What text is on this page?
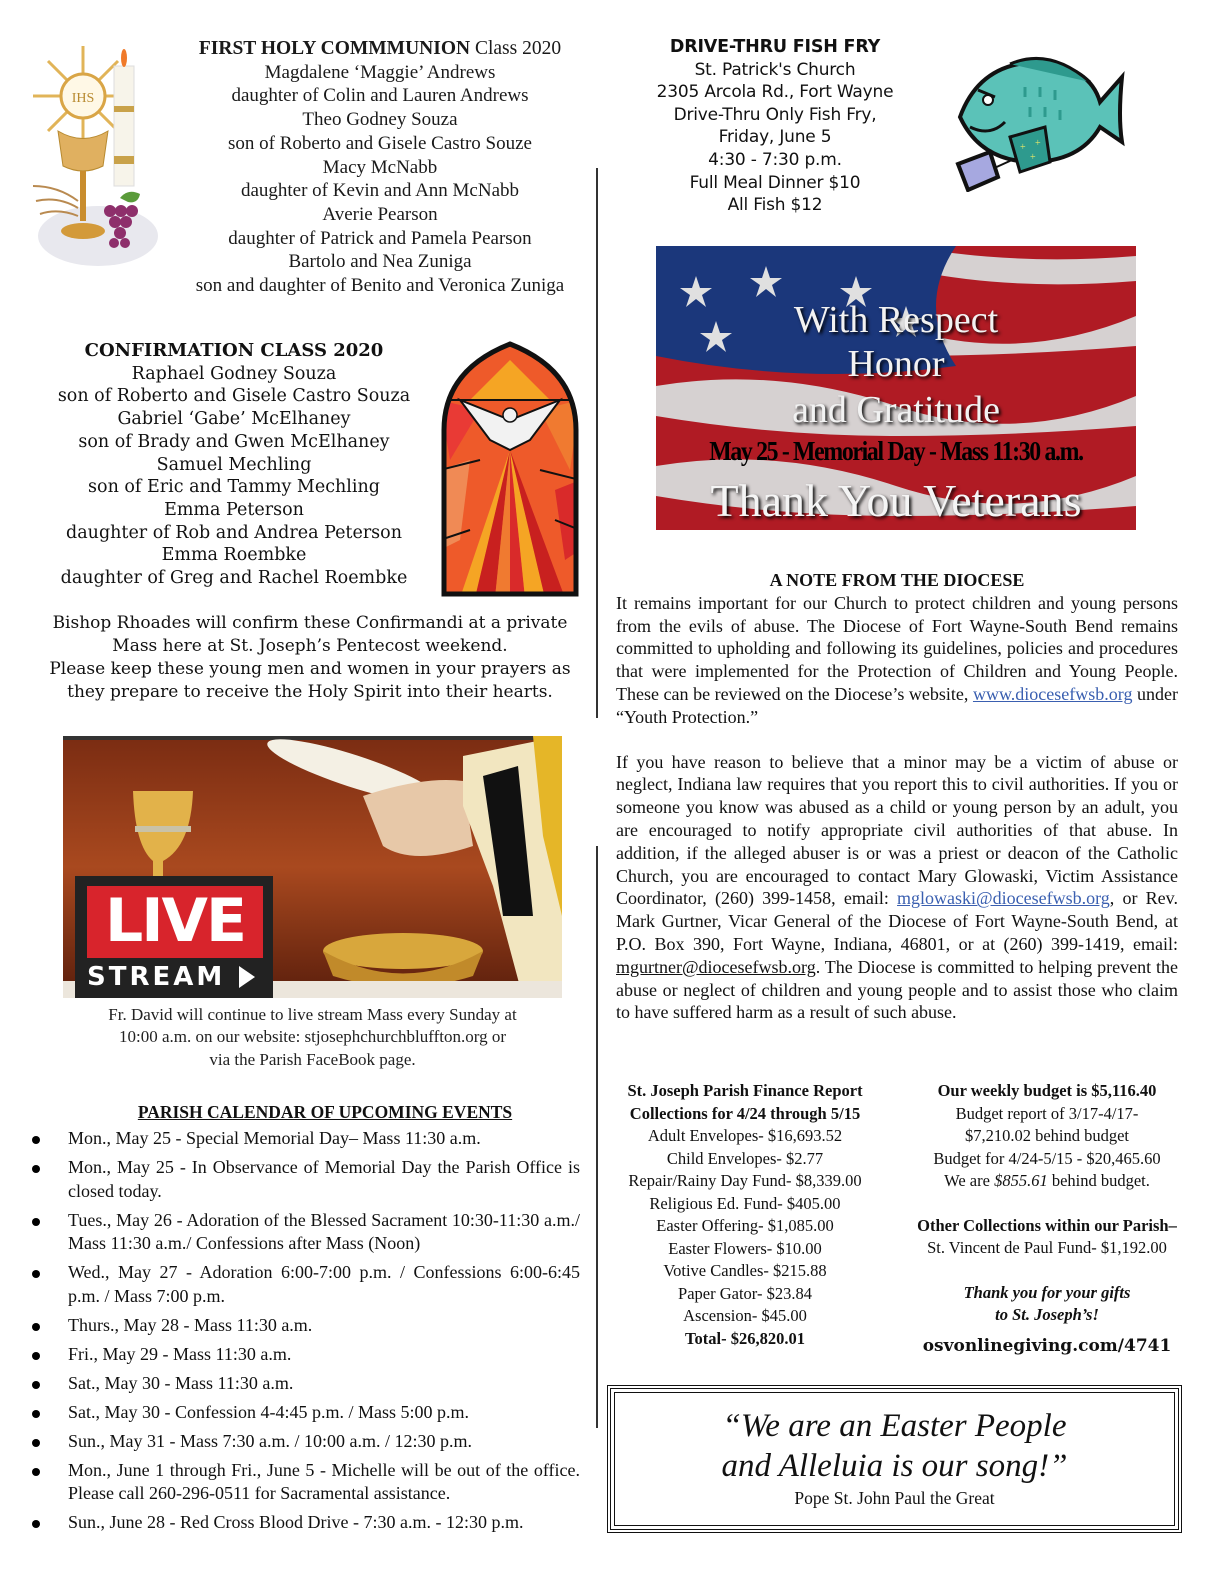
IHS
FIRST HOLY COMMMUNION Class 2020
Magdalene ‘Maggie’ Andrews
daughter of Colin and Lauren Andrews
Theo Godney Souza
son of Roberto and Gisele Castro Souze
Macy McNabb
daughter of Kevin and Ann McNabb
Averie Pearson
daughter of Patrick and Pamela Pearson
Bartolo and Nea Zuniga
son and daughter of Benito and Veronica Zuniga
DRIVE-THRU FISH FRY
St. Patrick's Church
2305 Arcola Rd., Fort Wayne
Drive-Thru Only Fish Fry,
Friday, June 5
4:30 - 7:30 p.m.
Full Meal Dinner $10
All Fish $12
+
+
+
With Respect
Honor
and Gratitude
May 25 - Memorial Day - Mass 11:30 a.m.
Thank You Veterans
CONFIRMATION CLASS 2020
Raphael Godney Souza
son of Roberto and Gisele Castro Souza
Gabriel ‘Gabe’ McElhaney
son of Brady and Gwen McElhaney
Samuel Mechling
son of Eric and Tammy Mechling
Emma Peterson
daughter of Rob and Andrea Peterson
Emma Roembke
daughter of Greg and Rachel Roembke
Bishop Rhoades will confirm these Confirmandi at a private
Mass here at St. Joseph’s Pentecost weekend.
Please keep these young men and women in your prayers as
they prepare to receive the Holy Spirit into their hearts.
A NOTE FROM THE DIOCESE

It remains important for our Church to protect children and young persons from the evils of abuse. The Diocese of Fort Wayne-South Bend remains committed to upholding and following its guidelines, policies and procedures that were implemented for the Protection of Children and Young People. These can be reviewed on the Diocese’s website, www.diocesefwsb.org under “Youth Protection.”

If you have reason to believe that a minor may be a victim of abuse or neglect, Indiana law requires that you report this to civil authorities. If you or someone you know was abused as a child or young person by an adult, you are encouraged to notify appropriate civil authorities of that abuse. In addition, if the alleged abuser is or was a priest or deacon of the Catholic Church, you are encouraged to contact Mary Glowaski, Victim Assistance Coordinator, (260) 399-1458, email: mglowaski@diocesefwsb.org, or Rev. Mark Gurtner, Vicar General of the Diocese of Fort Wayne-South Bend, at P.O. Box 390, Fort Wayne, Indiana, 46801, or at (260) 399-1419, email: mgurtner@diocesefwsb.org. The Diocese is committed to helping prevent the abuse or neglect of children and young people and to assist those who claim to have suffered harm as a result of such abuse.

LIVE
STREAM
Fr. David will continue to live stream Mass every Sunday at
10:00 a.m. on our website: stjosephchurchbluffton.org or
via the Parish FaceBook page.
PARISH CALENDAR OF UPCOMING EVENTS
Mon., May 25 - Special Memorial Day– Mass 11:30 a.m.
Mon., May 25 - In Observance of Memorial Day the Parish Office is closed today.
Tues., May 26 - Adoration of the Blessed Sacrament 10:30-11:30 a.m./ Mass 11:30 a.m./ Confessions after Mass (Noon)
Wed., May 27 - Adoration 6:00-7:00 p.m. / Confessions 6:00-6:45 p.m. / Mass 7:00 p.m.
Thurs., May 28 - Mass 11:30 a.m.
Fri., May 29 - Mass 11:30 a.m.
Sat., May 30 - Mass 11:30 a.m.
Sat., May 30 - Confession 4-4:45 p.m. / Mass 5:00 p.m.
Sun., May 31 - Mass 7:30 a.m. / 10:00 a.m. / 12:30 p.m.
Mon., June 1 through Fri., June 5 - Michelle will be out of the office. Please call 260-296-0511 for Sacramental assistance.
Sun., June 28 - Red Cross Blood Drive - 7:30 a.m. - 12:30 p.m.
St. Joseph Parish Finance Report
Collections for 4/24 through 5/15
Adult Envelopes- $16,693.52
Child Envelopes- $2.77
Repair/Rainy Day Fund- $8,339.00
Religious Ed. Fund- $405.00
Easter Offering- $1,085.00
Easter Flowers- $10.00
Votive Candles- $215.88
Paper Gator- $23.84
Ascension- $45.00
Total- $26,820.01
Our weekly budget is $5,116.40
Budget report of 3/17-4/17-
$7,210.02 behind budget
Budget for 4/24-5/15 - $20,465.60
We are $855.61 behind budget.
Other Collections within our Parish–
St. Vincent de Paul Fund- $1,192.00
Thank you for your gifts
to St. Joseph’s!
osvonlinegiving.com/4741
“We are an Easter People
and Alleluia is our song!”
Pope St. John Paul the Great
